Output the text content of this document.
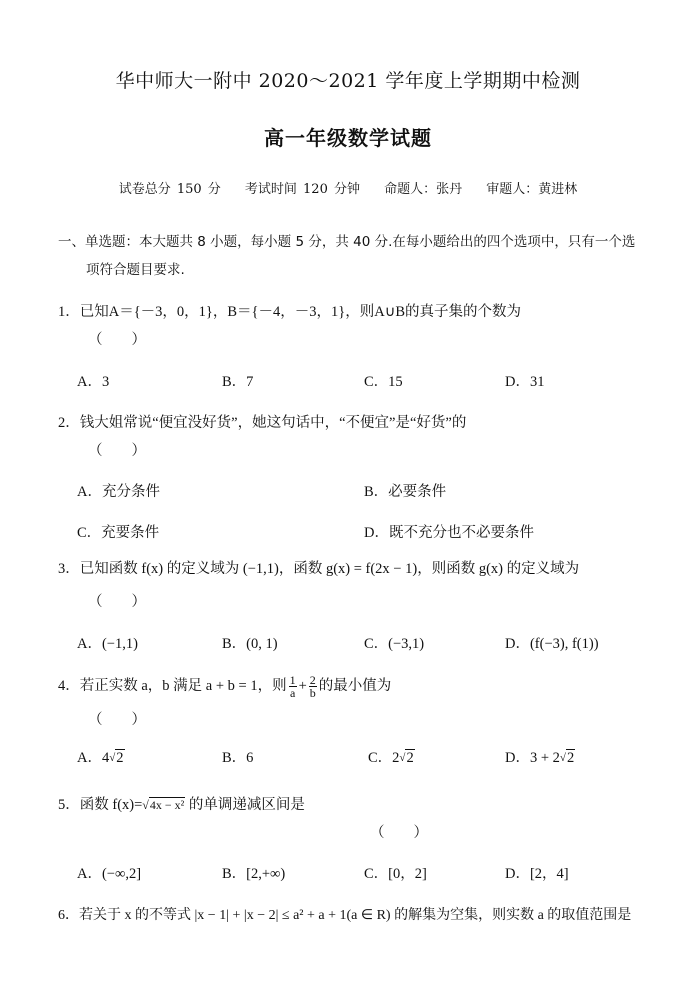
华中师大一附中 2020～2021 学年度上学期期中检测
高一年级数学试题
试卷总分 150 分 考试时间 120 分钟 命题人：张丹 审题人：黄进林
一、单选题：本大题共 8 小题，每小题 5 分，共 40 分.在每小题给出的四个选项中，只有一个选
项符合题目要求.
1．已知A＝{－3，0，1}，B＝{－4，－3，1}，则A∪B的真子集的个数为
（　　）
A．3	B．7	C．15	D．31
2．钱大姐常说“便宜没好货”，她这句话中，“不便宜”是“好货”的
（　　）
A．充分条件	B．必要条件
C．充要条件	D．既不充分也不必要条件
3．已知函数 f(x) 的定义域为 (−1,1)，函数 g(x) = f(2x − 1)，则函数 g(x) 的定义域为
（　　）
A．(−1,1)	B．(0, 1)	C．(−3,1)	D．(f(−3), f(1))
4．若正实数 a，b 满足 a + b = 1，则 $\frac{1}{a} + \frac{2}{b}$ 的最小值为
（　　）
A．4√2	B．6	C．2√2	D．3 + 2√2
5．函数 f(x)=√4x − x² 的单调递减区间是
（　　）
A．(−∞,2]	B．[2,+∞)	C．[0，2]	D．[2，4]
6．若关于 x 的不等式 |x − 1| + |x − 2| ≤ a² + a + 1(a ∈ R) 的解集为空集，则实数 a 的取值范围是
